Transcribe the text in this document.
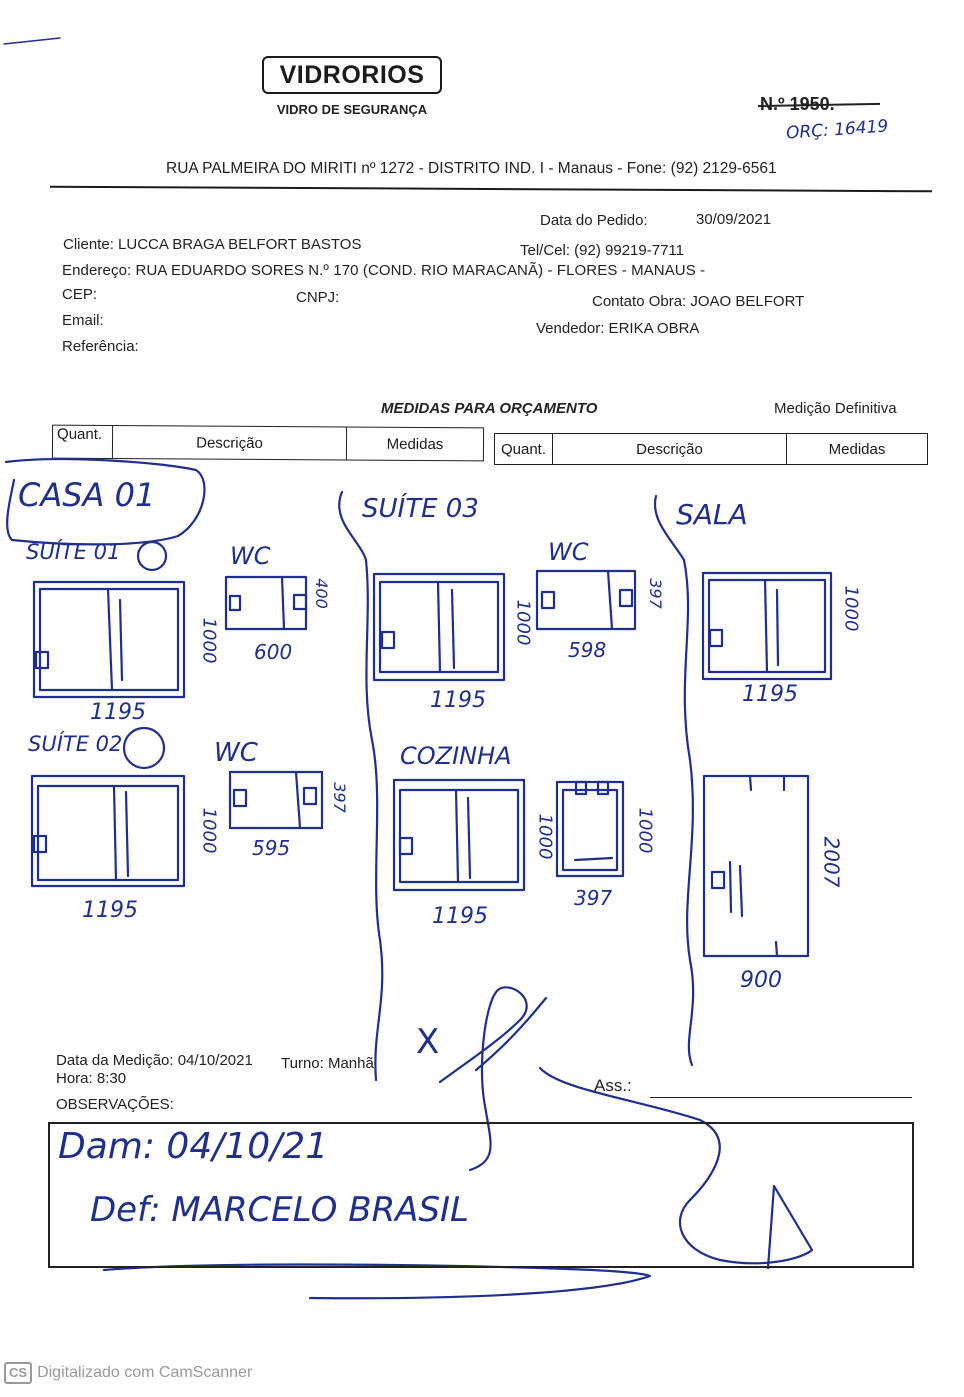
VIDRORIOS
VIDRO DE SEGURANÇA	N.º 1950.
ORÇ: 16419
RUA PALMEIRA DO MIRITI nº 1272 - DISTRITO IND. I - Manaus - Fone: (92) 2129-6561
Data do Pedido:	30/09/2021
Cliente: LUCCA BRAGA BELFORT BASTOS	Tel/Cel: (92) 99219-7711
Endereço: RUA EDUARDO SORES N.º 170 (COND. RIO MARACANÃ) - FLORES - MANAUS -
CEP:	CNPJ:	Contato Obra: JOAO BELFORT
Email:	Vendedor: ERIKA OBRA
Referência:
MEDIDAS PARA ORÇAMENTO	Medição Definitiva
Quant.	Descrição	Medidas	Quant.	Descrição	Medidas
CASA 01
SUÍTE 01
SUÍTE 03	SALA
WC	WC
SUÍTE 02	WC	COZINHA
1195
1000 600
400
1195
1000
598
397
1195
1000
1195
1000 595
397
1195
1000
397
1000
900
2007
Data da Medição: 04/10/2021 Turno: Manhã
Hora: 8:30
OBSERVAÇÕES:
X
Ass.:
Dam: 04/10/21
Def: MARCELO BRASIL
CS Digitalizado com CamScanner
